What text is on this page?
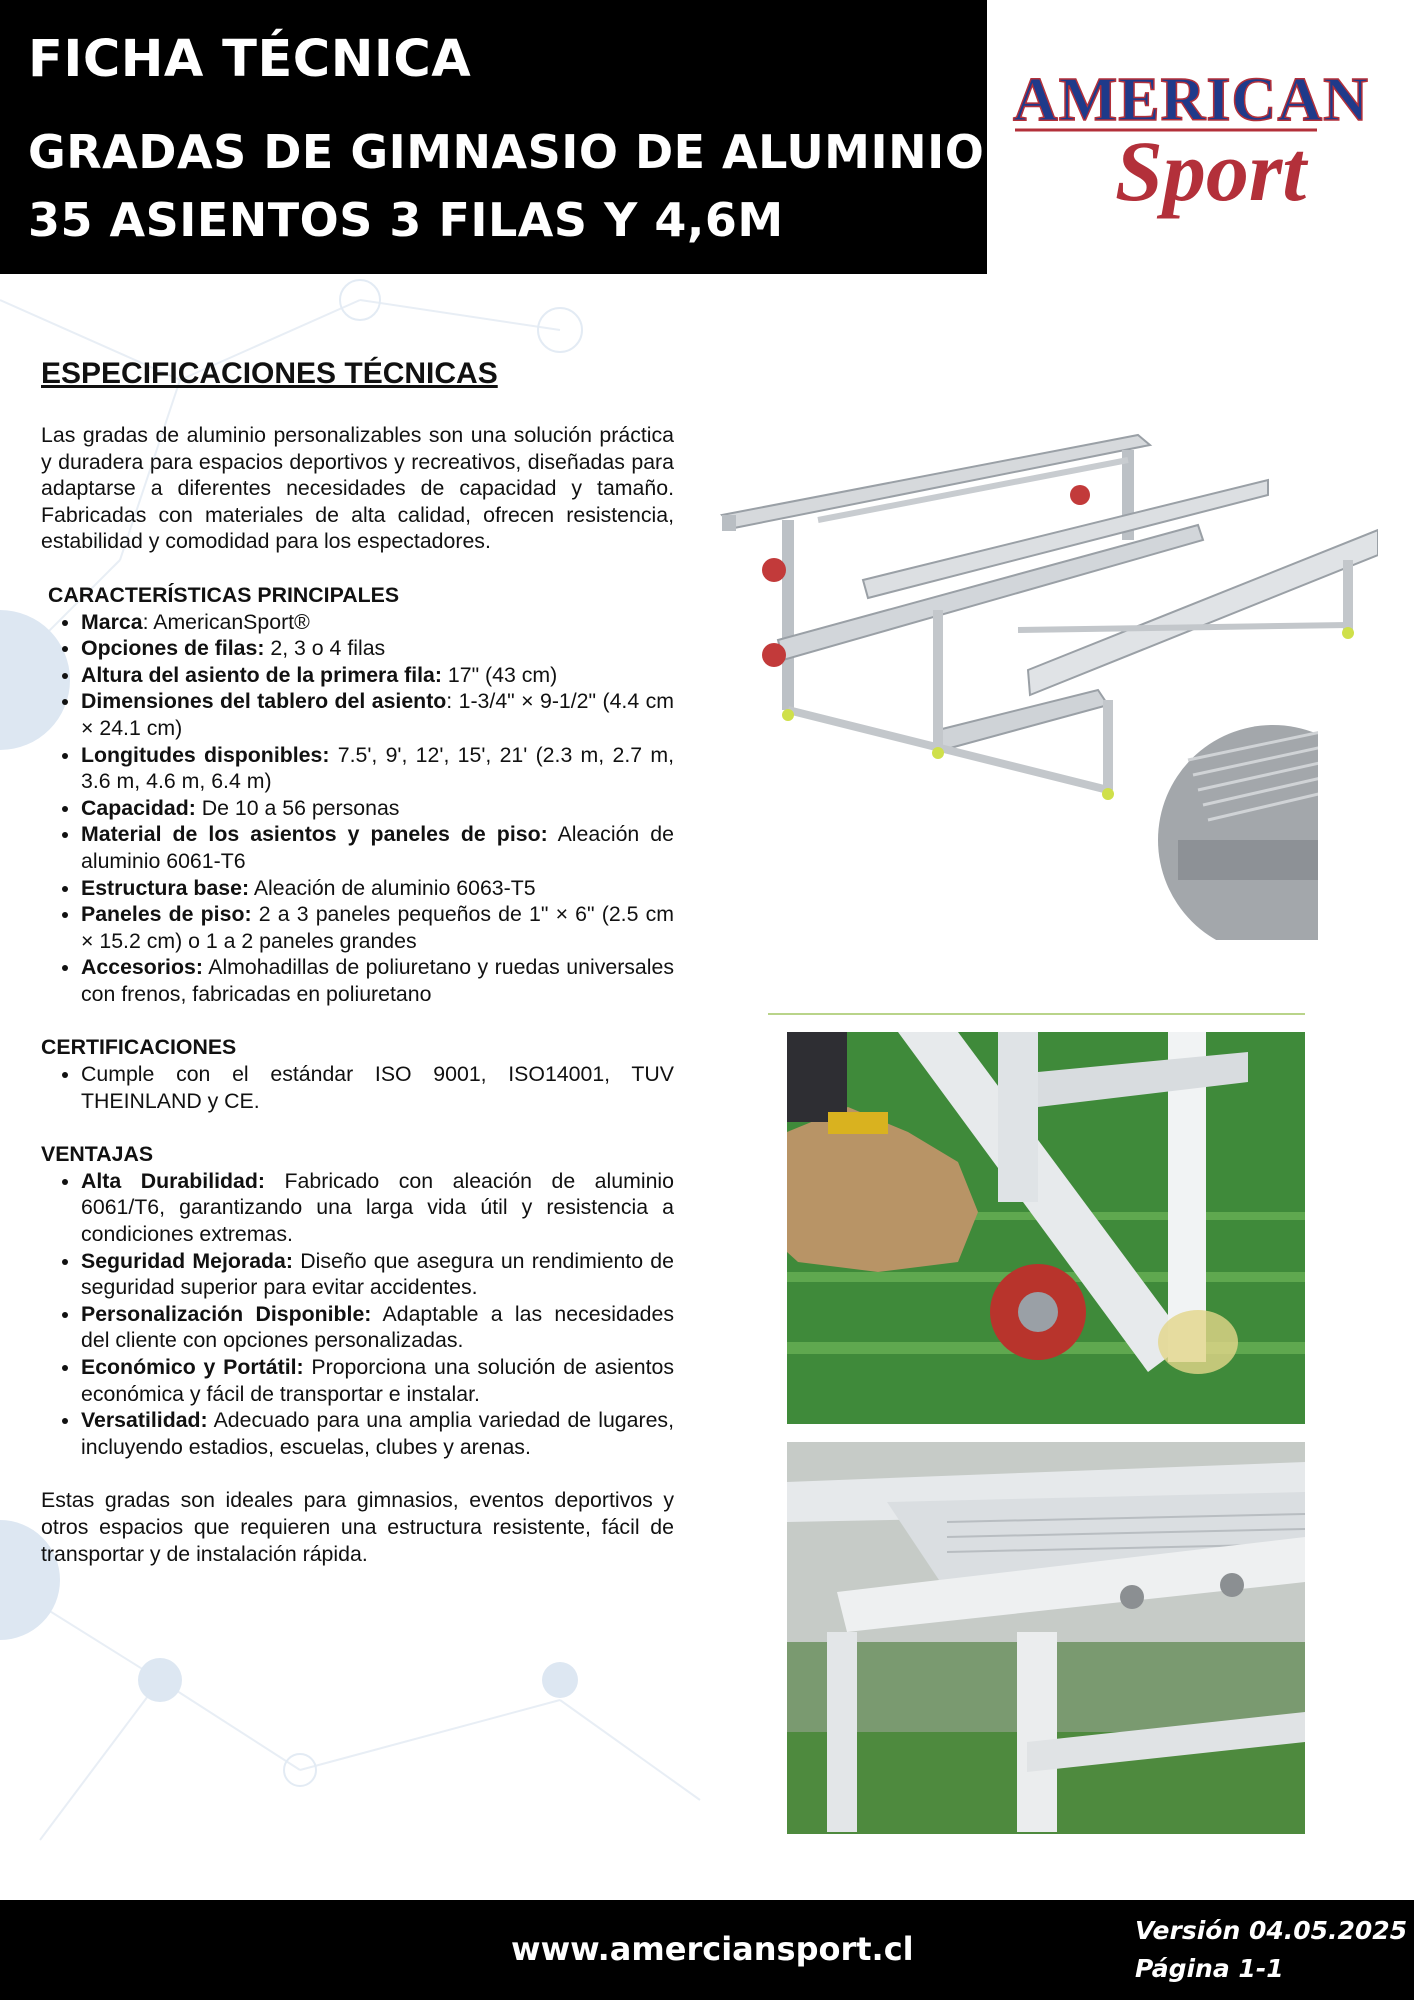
FICHA TÉCNICA
GRADAS DE GIMNASIO DE ALUMINIO
35 ASIENTOS 3 FILAS Y 4,6M
AMERICAN
Sport
ESPECIFICACIONES TÉCNICAS

Las gradas de aluminio personalizables son una solución práctica y duradera para espacios deportivos y recreativos, diseñadas para adaptarse a diferentes necesidades de capacidad y tamaño. Fabricadas con materiales de alta calidad, ofrecen resistencia, estabilidad y comodidad para los espectadores.

CARACTERÍSTICAS PRINCIPALES
• Marca: AmericanSport®
• Opciones de filas: 2, 3 o 4 filas
• Altura del asiento de la primera fila: 17" (43 cm)
• Dimensiones del tablero del asiento: 1-3/4" × 9-1/2" (4.4 cm × 24.1 cm)
• Longitudes disponibles: 7.5', 9', 12', 15', 21' (2.3 m, 2.7 m, 3.6 m, 4.6 m, 6.4 m)
• Capacidad: De 10 a 56 personas
• Material de los asientos y paneles de piso: Aleación de aluminio 6061-T6
• Estructura base: Aleación de aluminio 6063-T5
• Paneles de piso: 2 a 3 paneles pequeños de 1" × 6" (2.5 cm × 15.2 cm) o 1 a 2 paneles grandes
• Accesorios: Almohadillas de poliuretano y ruedas universales con frenos, fabricadas en poliuretano
CERTIFICACIONES
• Cumple con el estándar ISO 9001, ISO14001, TUV THEINLAND y CE.
VENTAJAS
• Alta Durabilidad: Fabricado con aleación de aluminio 6061/T6, garantizando una larga vida útil y resistencia a condiciones extremas.
• Seguridad Mejorada: Diseño que asegura un rendimiento de seguridad superior para evitar accidentes.
• Personalización Disponible: Adaptable a las necesidades del cliente con opciones personalizadas.
• Económico y Portátil: Proporciona una solución de asientos económica y fácil de transportar e instalar.
• Versatilidad: Adecuado para una amplia variedad de lugares, incluyendo estadios, escuelas, clubes y arenas.

Estas gradas son ideales para gimnasios, eventos deportivos y otros espacios que requieren una estructura resistente, fácil de transportar y de instalación rápida.

www.amerciansport.cl	Versión 04.05.2025
Página 1-1
